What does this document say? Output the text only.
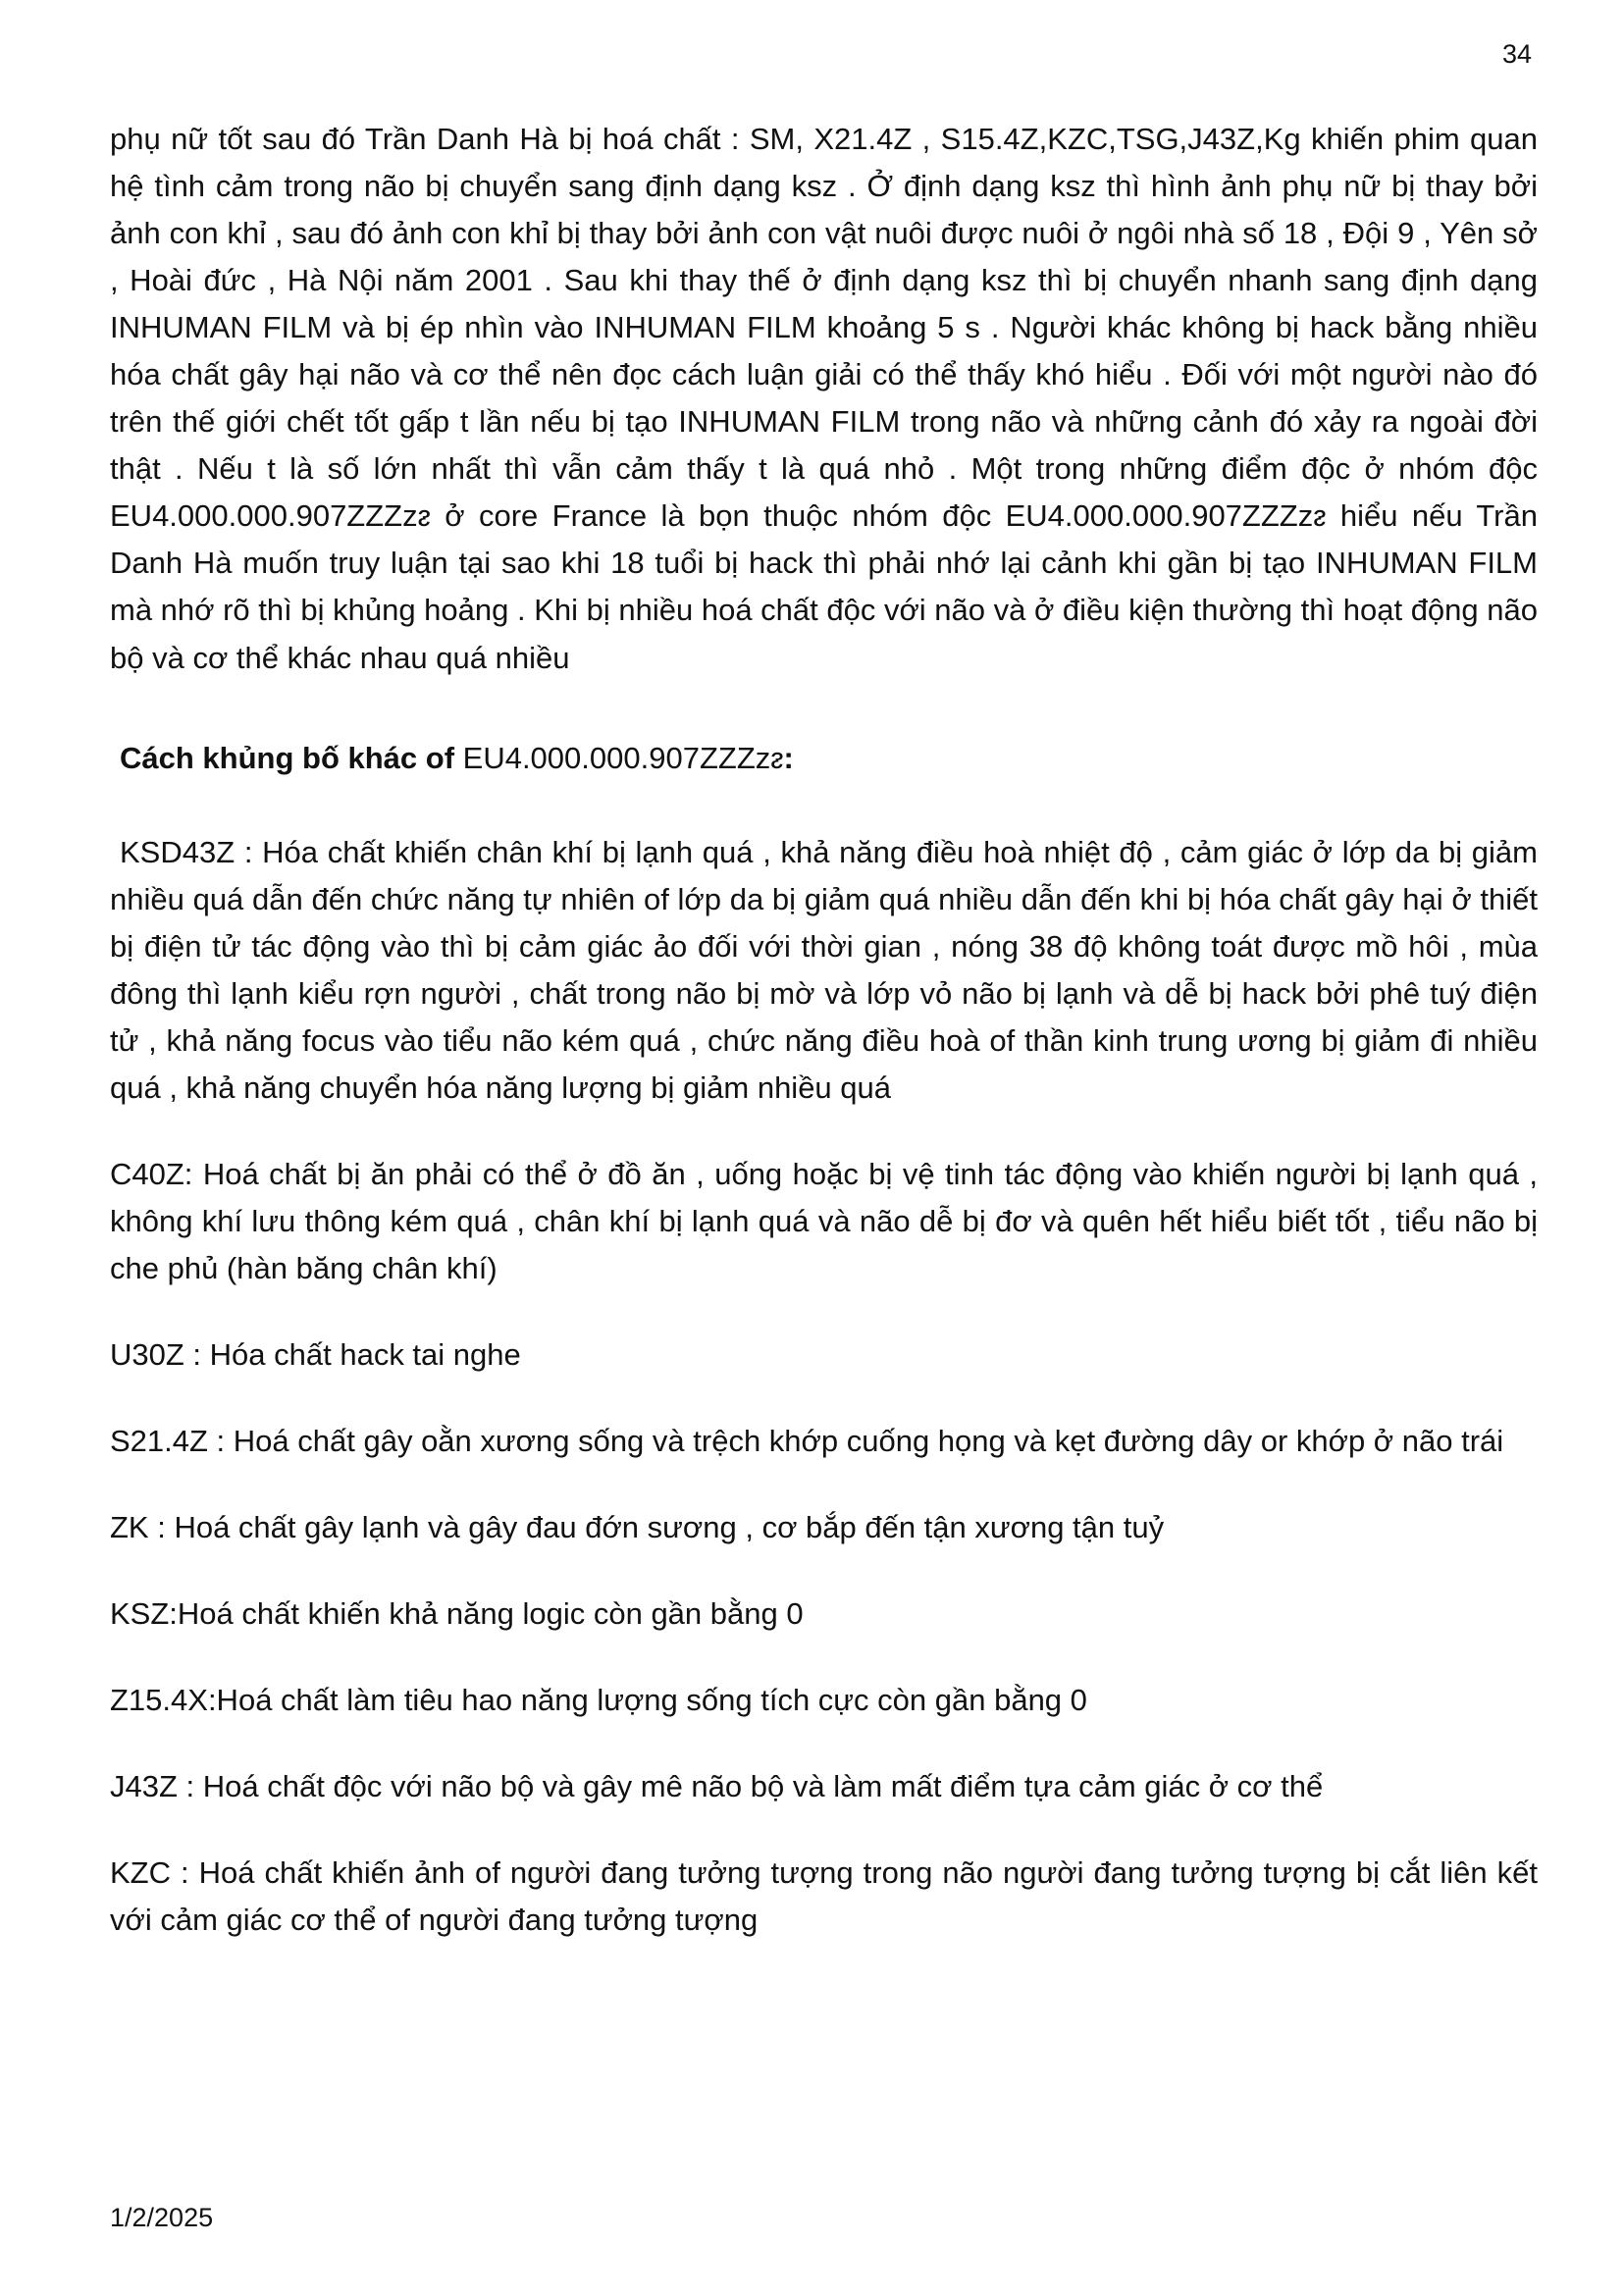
34

phụ nữ tốt sau đó Trần Danh Hà bị hoá chất : SM, X21.4Z , S15.4Z,KZC,TSG,J43Z,Kg khiến phim quan hệ tình cảm trong não bị chuyển sang định dạng ksz . Ở định dạng ksz thì hình ảnh phụ nữ bị thay bởi ảnh con khỉ , sau đó ảnh con khỉ bị thay bởi ảnh con vật nuôi được nuôi ở ngôi nhà số 18 , Đội 9 , Yên sở , Hoài đức , Hà Nội năm 2001 . Sau khi thay thế ở định dạng ksz thì bị chuyển nhanh sang định dạng INHUMAN FILM và bị ép nhìn vào INHUMAN FILM khoảng 5 s . Người khác không bị hack bằng nhiều hóa chất gây hại não và cơ thể nên đọc cách luận giải có thể thấy khó hiểu . Đối với một người nào đó trên thế giới chết tốt gấp t lần nếu bị tạo INHUMAN FILM trong não và những cảnh đó xảy ra ngoài đời thật . Nếu t là số lớn nhất thì vẫn cảm thấy t là quá nhỏ . Một trong những điểm độc ở nhóm độc EU4.000.000.907ZZZzᴤ ở core France là bọn thuộc nhóm độc EU4.000.000.907ZZZzᴤ hiểu nếu Trần Danh Hà muốn truy luận tại sao khi 18 tuổi bị hack thì phải nhớ lại cảnh khi gần bị tạo INHUMAN FILM mà nhớ rõ thì bị khủng hoảng . Khi bị nhiều hoá chất độc với não và ở điều kiện thường thì hoạt động não bộ và cơ thể khác nhau quá nhiều

Cách khủng bố khác of EU4.000.000.907ZZZzᴤ:

KSD43Z : Hóa chất khiến chân khí bị lạnh quá , khả năng điều hoà nhiệt độ , cảm giác ở lớp da bị giảm nhiều quá dẫn đến chức năng tự nhiên of lớp da bị giảm quá nhiều dẫn đến khi bị hóa chất gây hại ở thiết bị điện tử tác động vào thì bị cảm giác ảo đối với thời gian , nóng 38 độ không toát được mồ hôi , mùa đông thì lạnh kiểu rợn người , chất trong não bị mờ và lớp vỏ não bị lạnh và dễ bị hack bởi phê tuý điện tử , khả năng focus vào tiểu não kém quá , chức năng điều hoà of thần kinh trung ương bị giảm đi nhiều quá , khả năng chuyển hóa năng lượng bị giảm nhiều quá

C40Z: Hoá chất bị ăn phải có thể ở đồ ăn , uống hoặc bị vệ tinh tác động vào khiến người bị lạnh quá , không khí lưu thông kém quá , chân khí bị lạnh quá và não dễ bị đơ và quên hết hiểu biết tốt , tiểu não bị che phủ (hàn băng chân khí)

U30Z : Hóa chất hack tai nghe

S21.4Z : Hoá chất gây oằn xương sống và trệch khớp cuống họng và kẹt đường dây or khớp ở não trái

ZK : Hoá chất gây lạnh và gây đau đớn sương , cơ bắp đến tận xương tận tuỷ

KSZ:Hoá chất khiến khả năng logic còn gần bằng 0

Z15.4X:Hoá chất làm tiêu hao năng lượng sống tích cực còn gần bằng 0

J43Z : Hoá chất độc với não bộ và gây mê não bộ và làm mất điểm tựa cảm giác ở cơ thể

KZC : Hoá chất khiến ảnh of người đang tưởng tượng trong não người đang tưởng tượng bị cắt liên kết với cảm giác cơ thể of người đang tưởng tượng

1/2/2025
